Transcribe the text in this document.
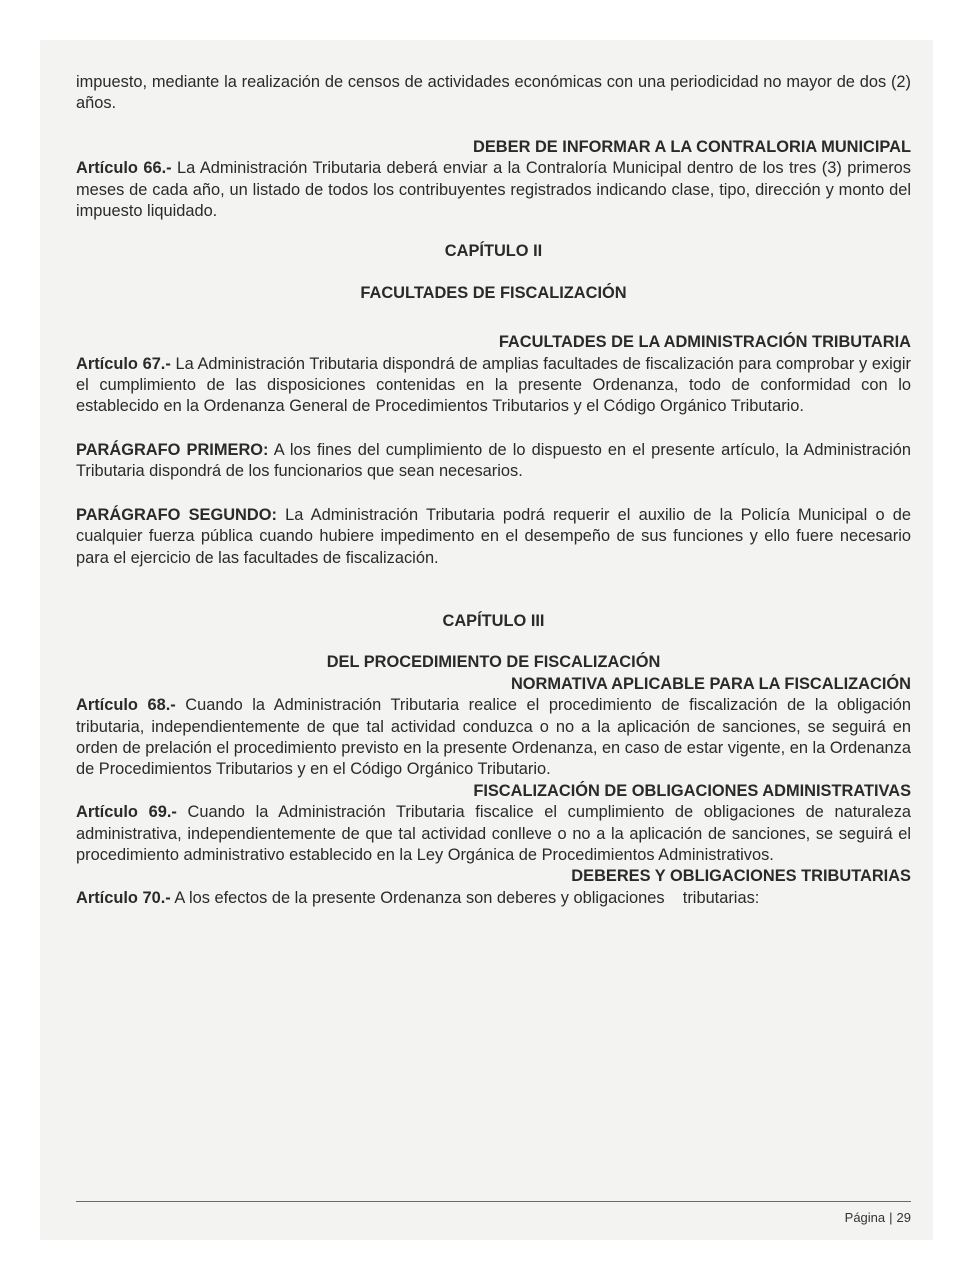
impuesto, mediante la realización de censos de actividades económicas con una periodicidad no mayor de dos (2) años.

DEBER DE INFORMAR A LA CONTRALORIA MUNICIPAL

Artículo 66.- La Administración Tributaria deberá enviar a la Contraloría Municipal dentro de los tres (3) primeros meses de cada año, un listado de todos los contribuyentes registrados indicando clase, tipo, dirección y monto del impuesto liquidado.

CAPÍTULO II

FACULTADES DE FISCALIZACIÓN

FACULTADES DE LA ADMINISTRACIÓN TRIBUTARIA

Artículo 67.- La Administración Tributaria dispondrá de amplias facultades de fiscalización para comprobar y exigir el cumplimiento de las disposiciones contenidas en la presente Ordenanza, todo de conformidad con lo establecido en la Ordenanza General de Procedimientos Tributarios y el Código Orgánico Tributario.

PARÁGRAFO PRIMERO: A los fines del cumplimiento de lo dispuesto en el presente artículo, la Administración Tributaria dispondrá de los funcionarios que sean necesarios.

PARÁGRAFO SEGUNDO: La Administración Tributaria podrá requerir el auxilio de la Policía Municipal o de cualquier fuerza pública cuando hubiere impedimento en el desempeño de sus funciones y ello fuere necesario para el ejercicio de las facultades de fiscalización.

CAPÍTULO III

DEL PROCEDIMIENTO DE FISCALIZACIÓN

NORMATIVA APLICABLE PARA LA FISCALIZACIÓN

Artículo 68.- Cuando la Administración Tributaria realice el procedimiento de fiscalización de la obligación tributaria, independientemente de que tal actividad conduzca o no a la aplicación de sanciones, se seguirá en orden de prelación el procedimiento previsto en la presente Ordenanza, en caso de estar vigente, en la Ordenanza de Procedimientos Tributarios y en el Código Orgánico Tributario.

FISCALIZACIÓN DE OBLIGACIONES ADMINISTRATIVAS

Artículo 69.- Cuando la Administración Tributaria fiscalice el cumplimiento de obligaciones de naturaleza administrativa, independientemente de que tal actividad conlleve o no a la aplicación de sanciones, se seguirá el procedimiento administrativo establecido en la Ley Orgánica de Procedimientos Administrativos.

DEBERES Y OBLIGACIONES TRIBUTARIAS

Artículo 70.- A los efectos de la presente Ordenanza son deberes y obligaciones    tributarias:

Página | 29
